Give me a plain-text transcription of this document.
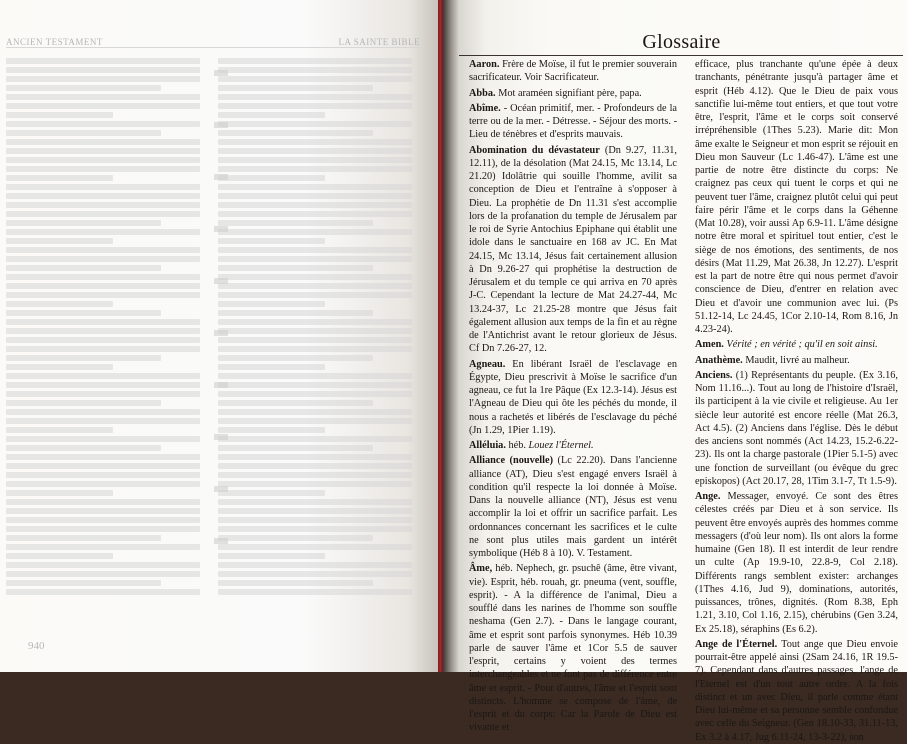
ANCIEN TESTAMENT	LA SAINTE BIBLE
940
Glossaire

Aaron. Frère de Moïse, il fut le premier souverain sacrificateur. Voir Sacrificateur.

Abba. Mot araméen signifiant père, papa.

Abîme. - Océan primitif, mer. - Profondeurs de la terre ou de la mer. - Détresse. - Séjour des morts. - Lieu de ténèbres et d'esprits mauvais.

Abomination du dévastateur (Dn 9.27, 11.31, 12.11), de la désolation (Mat 24.15, Mc 13.14, Lc 21.20) Idolâtrie qui souille l'homme, avilit sa conception de Dieu et l'entraîne à s'opposer à Dieu. La prophétie de Dn 11.31 s'est accomplie lors de la profanation du temple de Jérusalem par le roi de Syrie Antochius Epiphane qui établit une idole dans le sanctuaire en 168 av JC. En Mat 24.15, Mc 13.14, Jésus fait certainement allusion à Dn 9.26-27 qui prophétise la destruction de Jérusalem et du temple ce qui arriva en 70 après J-C. Cependant la lecture de Mat 24.27-44, Mc 13.24-37, Lc 21.25-28 montre que Jésus fait également allusion aux temps de la fin et au règne de l'Antichrist avant le retour glorieux de Jésus. Cf Dn 7.26-27, 12.

Agneau. En libérant Israël de l'esclavage en Égypte, Dieu prescrivit à Moïse le sacrifice d'un agneau, ce fut la 1re Pâque (Ex 12.3-14). Jésus est l'Agneau de Dieu qui ôte les péchés du monde, il nous a rachetés et libérés de l'esclavage du péché (Jn 1.29, 1Pier 1.19).

Alléluia. héb. Louez l'Éternel.

Alliance (nouvelle) (Lc 22.20). Dans l'ancienne alliance (AT), Dieu s'est engagé envers Israël à condition qu'il respecte la loi donnée à Moïse. Dans la nouvelle alliance (NT), Jésus est venu accomplir la loi et offrir un sacrifice parfait. Les ordonnances concernant les sacrifices et le culte ne sont plus utiles mais gardent un intérêt symbolique (Héb 8 à 10). V. Testament.

Âme, héb. Nephech, gr. psuchê (âme, être vivant, vie). Esprit, héb. rouah, gr. pneuma (vent, souffle, esprit). - A la différence de l'animal, Dieu a soufflé dans les narines de l'homme son souffle neshama (Gen 2.7). - Dans le langage courant, âme et esprit sont parfois synonymes. Héb 10.39 parle de sauver l'âme et 1Cor 5.5 de sauver l'esprit, certains y voient des termes interchangeables et ne font pas de différence entre âme et esprit. - Pour d'autres, l'âme et l'esprit sont distincts. L'homme se compose de l'âme, de l'esprit et du corps: Car la Parole de Dieu est vivante et

efficace, plus tranchante qu'une épée à deux tranchants, pénétrante jusqu'à partager âme et esprit (Héb 4.12). Que le Dieu de paix vous sanctifie lui-même tout entiers, et que tout votre être, l'esprit, l'âme et le corps soit conservé irrépréhensible (1Thes 5.23). Marie dit: Mon âme exalte le Seigneur et mon esprit se réjouit en Dieu mon Sauveur (Lc 1.46-47). L'âme est une partie de notre être distincte du corps: Ne craignez pas ceux qui tuent le corps et qui ne peuvent tuer l'âme, craignez plutôt celui qui peut faire périr l'âme et le corps dans la Géhenne (Mat 10.28), voir aussi Ap 6.9-11. L'âme désigne notre être moral et spirituel tout entier, c'est le siège de nos émotions, des sentiments, de nos désirs (Mat 11.29, Mat 26.38, Jn 12.27). L'esprit est la part de notre être qui nous permet d'avoir conscience de Dieu, d'entrer en relation avec Dieu et d'avoir une communion avec lui. (Ps 51.12-14, Lc 24.45, 1Cor 2.10-14, Rom 8.16, Jn 4.23-24).

Amen. Vérité ; en vérité ; qu'il en soit ainsi.

Anathème. Maudit, livré au malheur.

Anciens. (1) Représentants du peuple. (Ex 3.16, Nom 11.16...). Tout au long de l'histoire d'Israël, ils participent à la vie civile et religieuse. Au 1er siècle leur autorité est encore réelle (Mat 26.3, Act 4.5). (2) Anciens dans l'église. Dès le début des anciens sont nommés (Act 14.23, 15.2-6.22-23). Ils ont la charge pastorale (1Pier 5.1-5) avec une fonction de surveillant (ou évêque du grec episkopos) (Act 20.17, 28, 1Tim 3.1-7, Tt 1.5-9).

Ange. Messager, envoyé. Ce sont des êtres célestes créés par Dieu et à son service. Ils peuvent être envoyés auprès des hommes comme messagers (d'où leur nom). Ils ont alors la forme humaine (Gen 18). Il est interdit de leur rendre un culte (Ap 19.9-10, 22.8-9, Col 2.18). Différents rangs semblent exister: archanges (1Thes 4.16, Jud 9), dominations, autorités, puissances, trônes, dignités. (Rom 8.38, Eph 1.21, 3.10, Col 1.16, 2.15), chérubins (Gen 3.24, Ex 25.18), séraphins (Es 6.2).

Ange de l'Éternel. Tout ange que Dieu envoie pourrait-être appelé ainsi (2Sam 24.16, 1R 19.5-7). Cependant dans d'autres passages, l'ange de l'Eternel est d'un tout autre ordre. A la fois distinct et un avec Dieu, il parle comme étant Dieu lui-même et sa personne semble confondue avec celle du Seigneur. (Gen 18.10-33, 31.11-13, Ex 3.2 à 4.17, Jug 6.11-24, 13-3-22), son
